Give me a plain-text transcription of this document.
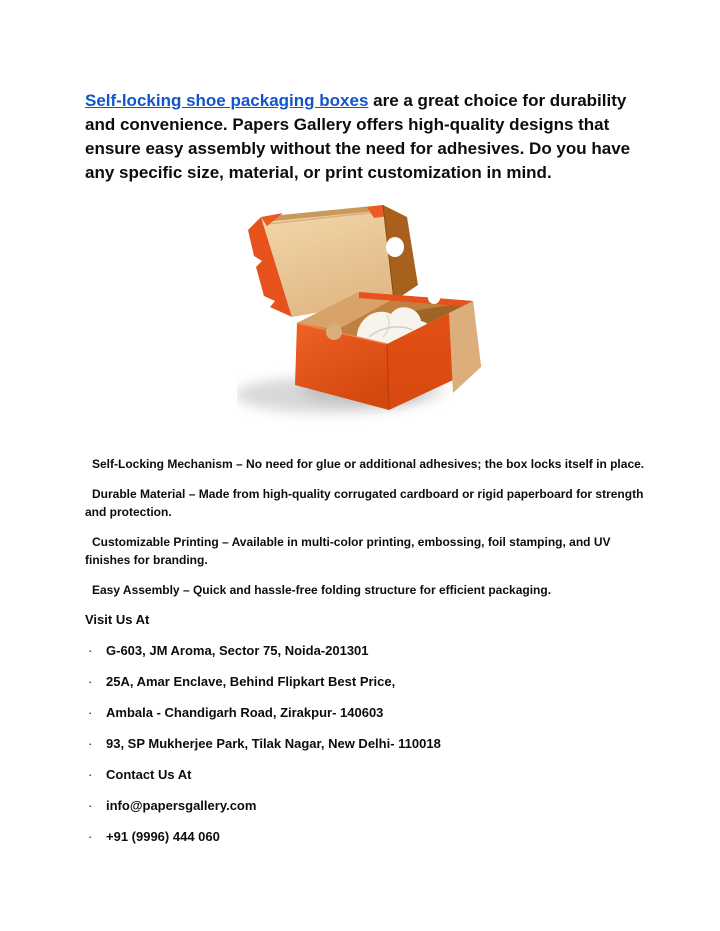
Self-locking shoe packaging boxes are a great choice for durability and convenience. Papers Gallery offers high-quality designs that ensure easy assembly without the need for adhesives. Do you have any specific size, material, or print customization in mind.

Self-Locking Mechanism – No need for glue or additional adhesives; the box locks itself in place.

Durable Material – Made from high-quality corrugated cardboard or rigid paperboard for strength and protection.

Customizable Printing – Available in multi-color printing, embossing, foil stamping, and UV finishes for branding.

Easy Assembly – Quick and hassle-free folding structure for efficient packaging.

Visit Us At

· G-603, JM Aroma, Sector 75, Noida-201301
· 25A, Amar Enclave, Behind Flipkart Best Price,
· Ambala - Chandigarh Road, Zirakpur- 140603
· 93, SP Mukherjee Park, Tilak Nagar, New Delhi- 110018
· Contact Us At
· info@papersgallery.com
· +91 (9996) 444 060
